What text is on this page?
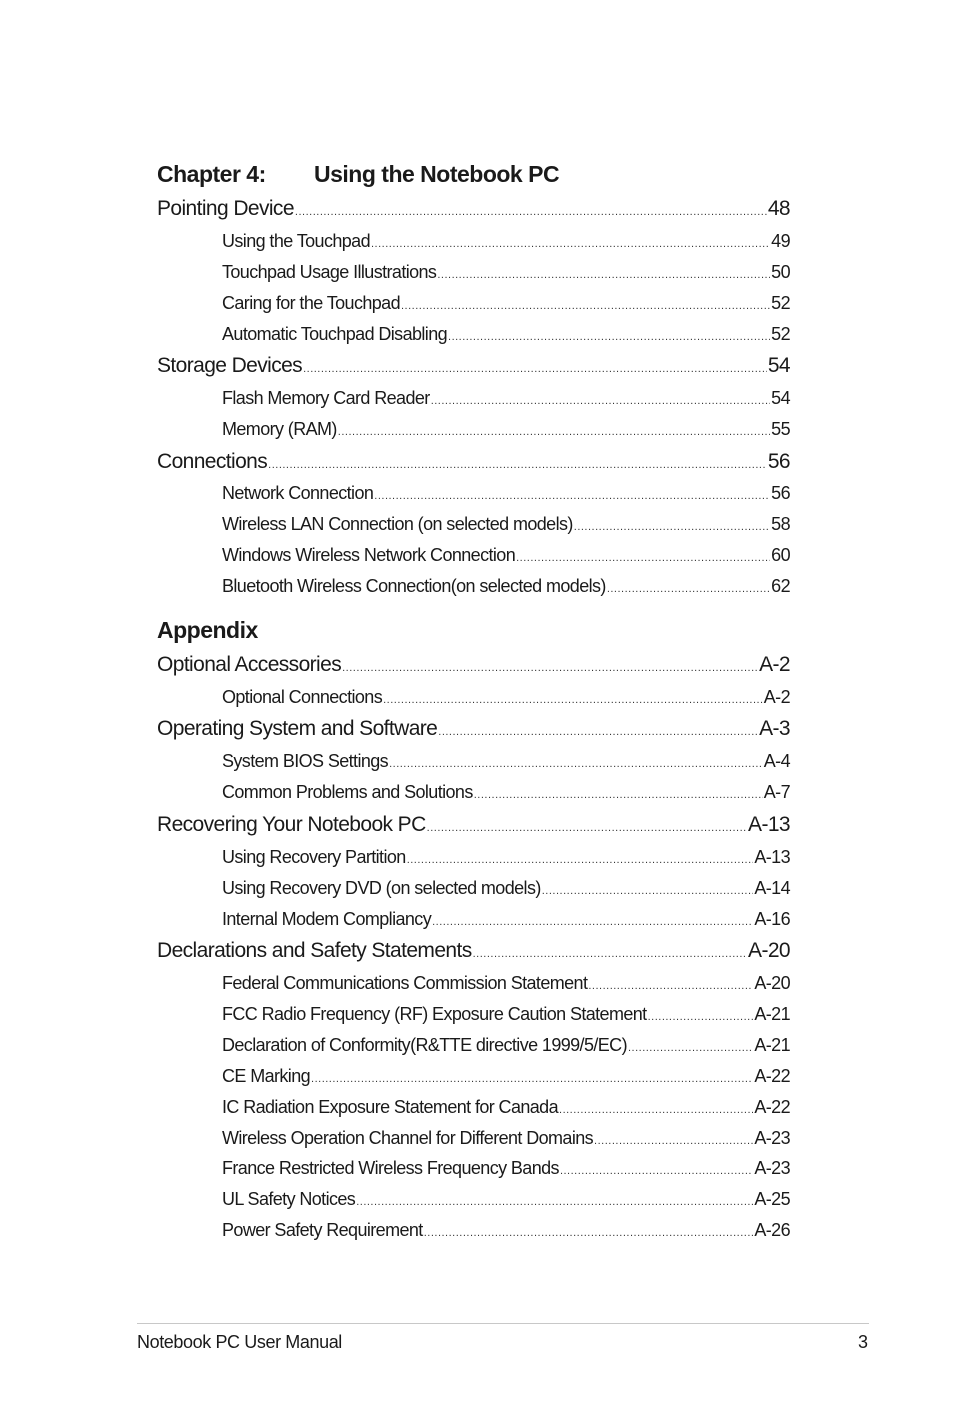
Chapter 4: Using the Notebook PC
Pointing Device .....	48
Using the Touchpad .....	49
Touchpad Usage Illustrations .....	50
Caring for the Touchpad .....	52
Automatic Touchpad Disabling .....	52
Storage Devices .....	54
Flash Memory Card Reader .....	54
Memory (RAM) .....	55
Connections .....	56
Network Connection .....	56
Wireless LAN Connection (on selected models) .....	58
Windows Wireless Network Connection .....	60
Bluetooth Wireless Connection(on selected models) .....	62
Appendix
Optional Accessories .....	A-2
Optional Connections .....	A-2
Operating System and Software .....	A-3
System BIOS Settings .....	A-4
Common Problems and Solutions .....	A-7
Recovering Your Notebook PC .....	A-13
Using Recovery Partition .....	A-13
Using Recovery DVD (on selected models) .....	A-14
Internal Modem Compliancy .....	A-16
Declarations and Safety Statements .....	A-20
Federal Communications Commission Statement .....	A-20
FCC Radio Frequency (RF) Exposure Caution Statement .....	A-21
Declaration of Conformity(R&TTE directive 1999/5/EC) .....	A-21
CE Marking .....	A-22
IC Radiation Exposure Statement for Canada .....	A-22
Wireless Operation Channel for Different Domains .....	A-23
France Restricted Wireless Frequency Bands .....	A-23
UL Safety Notices .....	A-25
Power Safety Requirement .....	A-26
Notebook PC User Manual	3
